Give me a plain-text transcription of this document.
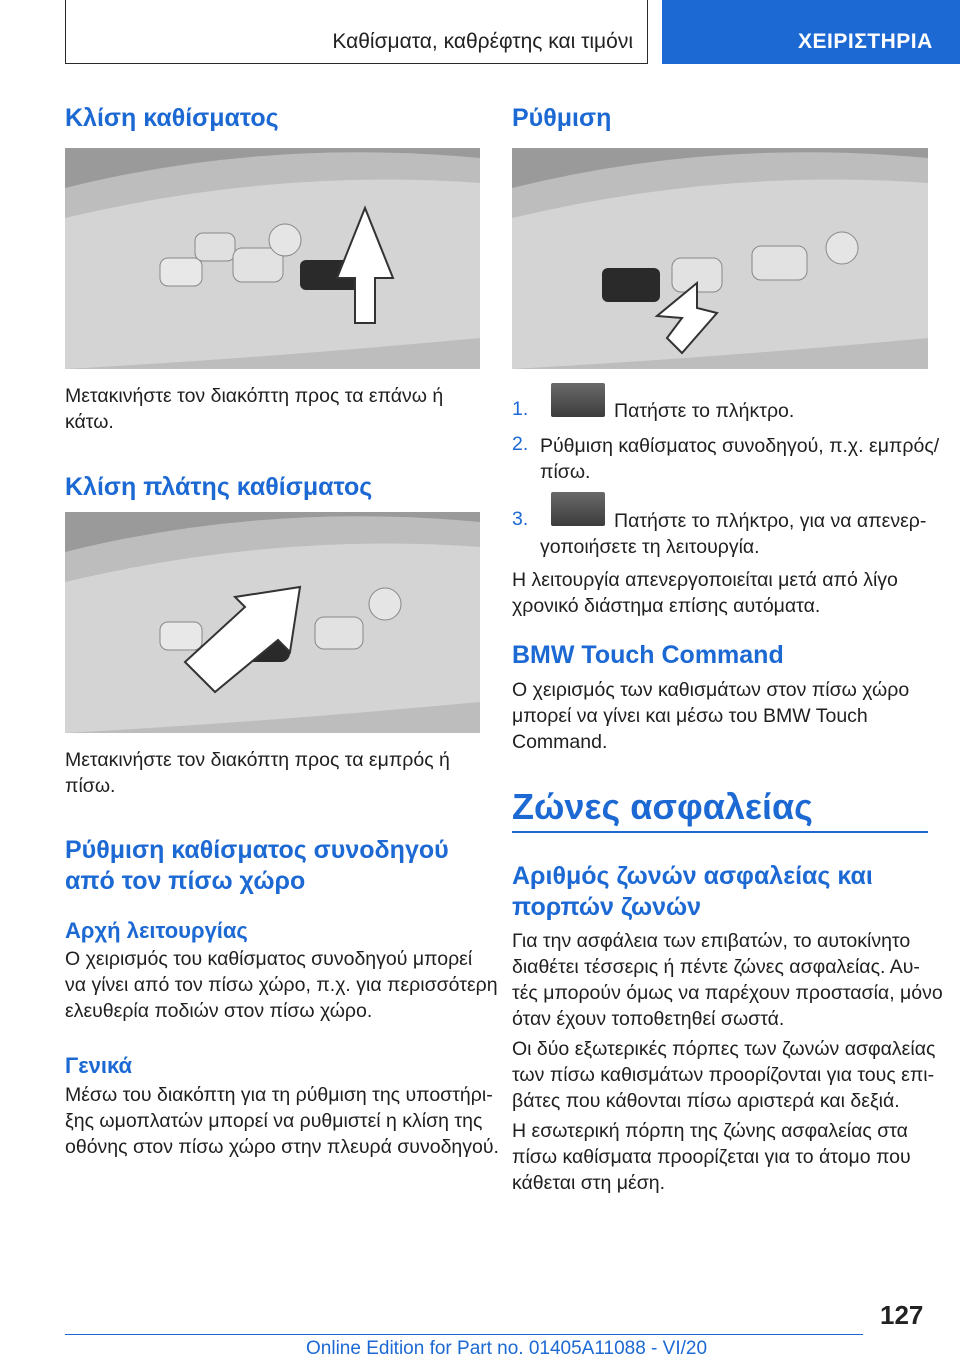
Καθίσματα, καθρέφτης και τιμόνι	ΧΕΙΡΙΣΤΗΡΙΑ
Κλίση καθίσματος
Μετακινήστε τον διακόπτη προς τα επάνω ή
κάτω.
Κλίση πλάτης καθίσματος
Μετακινήστε τον διακόπτη προς τα εμπρός ή
πίσω.
Ρύθμιση καθίσματος συνοδηγού
από τον πίσω χώρο
Αρχή λειτουργίας
Ο χειρισμός του καθίσματος συνοδηγού μπορεί
να γίνει από τον πίσω χώρο, π.χ. για περισσότερη
ελευθερία ποδιών στον πίσω χώρο.
Γενικά
Μέσω του διακόπτη για τη ρύθμιση της υποστήρι-
ξης ωμοπλατών μπορεί να ρυθμιστεί η κλίση της
οθόνης στον πίσω χώρο στην πλευρά συνοδηγού.
Ρύθμιση
1.	Πατήστε το πλήκτρο.
2. Ρύθμιση καθίσματος συνοδηγού, π.χ. εμπρός/
πίσω.
3.	Πατήστε το πλήκτρο, για να απενερ-
γοποιήσετε τη λειτουργία.
Η λειτουργία απενεργοποιείται μετά από λίγο
χρονικό διάστημα επίσης αυτόματα.
BMW Touch Command
Ο χειρισμός των καθισμάτων στον πίσω χώρο
μπορεί να γίνει και μέσω του BMW Touch
Command.
Ζώνες ασφαλείας
Αριθμός ζωνών ασφαλείας και
πορπών ζωνών
Για την ασφάλεια των επιβατών, το αυτοκίνητο
διαθέτει τέσσερις ή πέντε ζώνες ασφαλείας. Αυ-
τές μπορούν όμως να παρέχουν προστασία, μόνο
όταν έχουν τοποθετηθεί σωστά.
Οι δύο εξωτερικές πόρπες των ζωνών ασφαλείας
των πίσω καθισμάτων προορίζονται για τους επι-
βάτες που κάθονται πίσω αριστερά και δεξιά.
Η εσωτερική πόρπη της ζώνης ασφαλείας στα
πίσω καθίσματα προορίζεται για το άτομο που
κάθεται στη μέση.
127
Online Edition for Part no. 01405A11088 - VI/20
